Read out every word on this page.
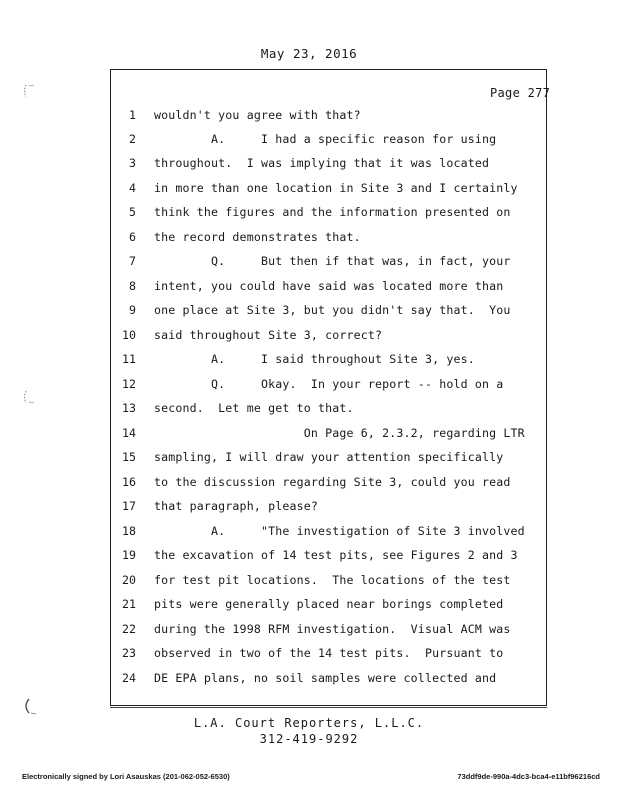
May 23, 2016
Page 277
1 wouldn't you agree with that?
2 A.     I had a specific reason for using
3 throughout.  I was implying that it was located
4 in more than one location in Site 3 and I certainly
5 think the figures and the information presented on
6 the record demonstrates that.
7 Q.     But then if that was, in fact, your
8 intent, you could have said was located more than
9 one place at Site 3, but you didn't say that.  You
10 said throughout Site 3, correct?
11 A.     I said throughout Site 3, yes.
12 Q.     Okay.  In your report -- hold on a
13 second.  Let me get to that.
14 On Page 6, 2.3.2, regarding LTR
15 sampling, I will draw your attention specifically
16 to the discussion regarding Site 3, could you read
17 that paragraph, please?
18 A.     "The investigation of Site 3 involved
19 the excavation of 14 test pits, see Figures 2 and 3
20 for test pit locations.  The locations of the test
21 pits were generally placed near borings completed
22 during the 1998 RFM investigation.  Visual ACM was
23 observed in two of the 14 test pits.  Pursuant to
24 DE EPA plans, no soil samples were collected and
L.A. Court Reporters, L.L.C.
312-419-9292
Electronically signed by Lori Asauskas (201-062-052-6530)	73ddf9de-990a-4dc3-bca4-e11bf96216cd
